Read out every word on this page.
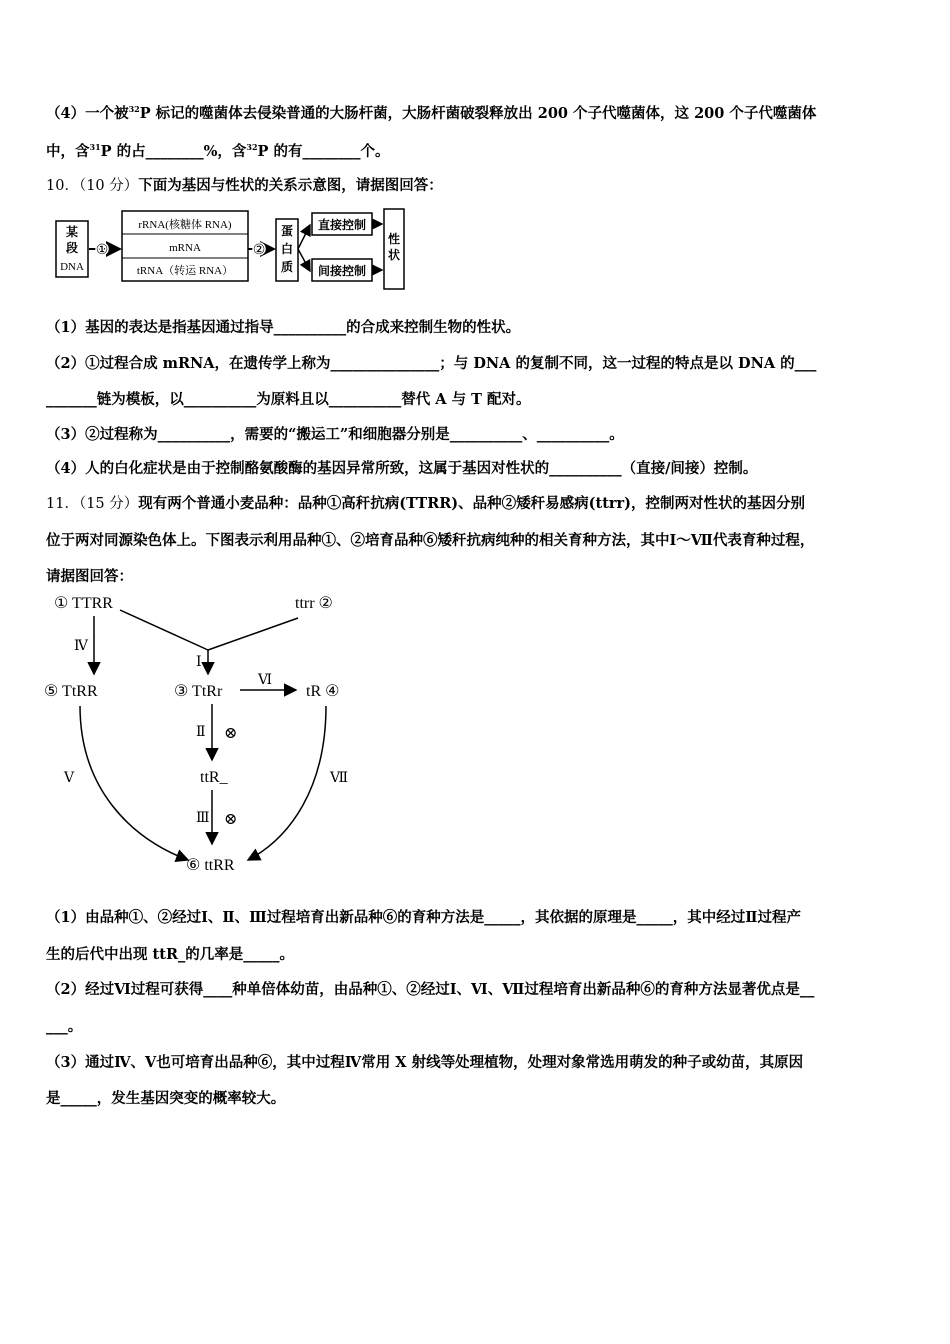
（4）一个被$^{32}$P 标记的噬菌体去侵染普通的大肠杆菌，大肠杆菌破裂释放出 200 个子代噬菌体，这 200 个子代噬菌体
中，含$^{31}$P 的占________%，含$^{32}$P 的有________个。
10．（10 分）下面为基因与性状的关系示意图，请据图回答：
某
段
DNA
①
rRNA(核糖体 RNA)
mRNA
tRNA（转运 RNA）
②
蛋
白
质
直接控制
间接控制
性
状
（1）基因的表达是指基因通过指导__________的合成来控制生物的性状。
（2）①过程合成 mRNA，在遗传学上称为_______________；与 DNA 的复制不同，这一过程的特点是以 DNA 的___
_______链为模板，以__________为原料且以__________替代 A 与 T 配对。
（3）②过程称为__________，需要的“搬运工”和细胞器分别是__________、__________。
（4）人的白化症状是由于控制酪氨酸酶的基因异常所致，这属于基因对性状的__________（直接/间接）控制。
11．（15 分）现有两个普通小麦品种：品种①高秆抗病(TTRR)、品种②矮秆易感病(ttrr)，控制两对性状的基因分别
位于两对同源染色体上。下图表示利用品种①、②培育品种⑥矮秆抗病纯种的相关育种方法，其中Ⅰ～Ⅶ代表育种过程，
请据图回答：
① TTRR	ttrr ②
Ⅰ
Ⅳ
⑤ TtRR	③ TtRr	tR ④
Ⅵ
Ⅱ ⊗
ttR_
Ⅲ ⊗
⑥ ttRR
Ⅴ	Ⅶ
（1）由品种①、②经过Ⅰ、Ⅱ、Ⅲ过程培育出新品种⑥的育种方法是_____，其依据的原理是_____，其中经过Ⅱ过程产
生的后代中出现 ttR_的几率是_____。
（2）经过Ⅵ过程可获得____种单倍体幼苗，由品种①、②经过Ⅰ、Ⅵ、Ⅶ过程培育出新品种⑥的育种方法显著优点是__
___。
（3）通过Ⅳ、Ⅴ也可培育出品种⑥，其中过程Ⅳ常用 X 射线等处理植物，处理对象常选用萌发的种子或幼苗，其原因
是_____，发生基因突变的概率较大。
